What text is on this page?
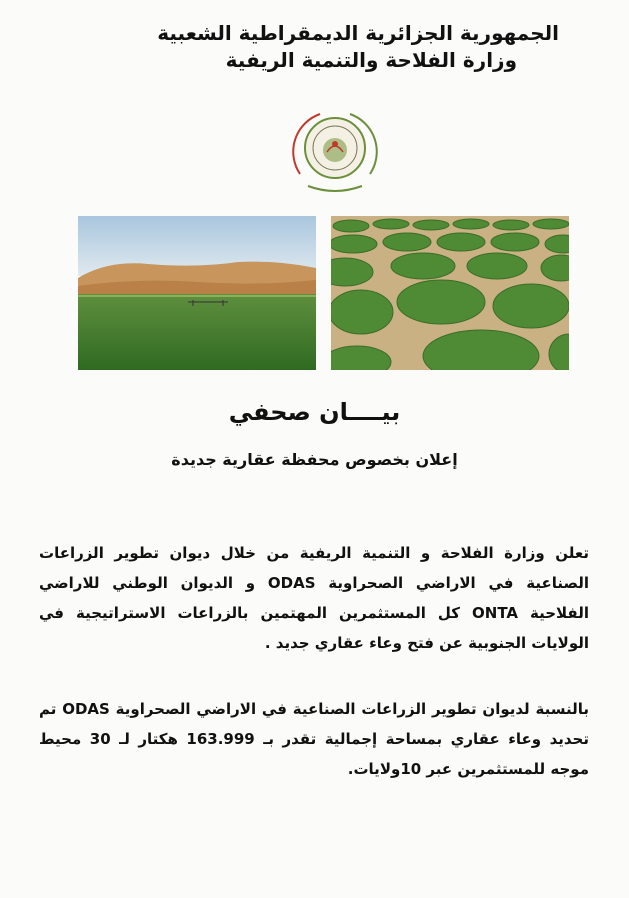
الجمهورية الجزائرية الديمقراطية الشعبية
وزارة الفلاحة والتنمية الريفية
بيــــان صحفي
إعلان بخصوص محفظة عقارية جديدة

تعلن وزارة الفلاحة و التنمية الريفية من خلال ديوان تطوير الزراعات الصناعية في الاراضي الصحراوية ODAS و الديوان الوطني للاراضي الفلاحية ONTA كل المستثمرين المهتمين بالزراعات الاستراتيجية في الولايات الجنوبية عن فتح وعاء عقاري جديد .

بالنسبة لديوان تطوير الزراعات الصناعية في الاراضي الصحراوية ODAS تم تحديد وعاء عقاري بمساحة إجمالية تقدر بـ 163.999 هكتار لـ 30 محيط موجه للمستثمرين عبر 10ولايات.
